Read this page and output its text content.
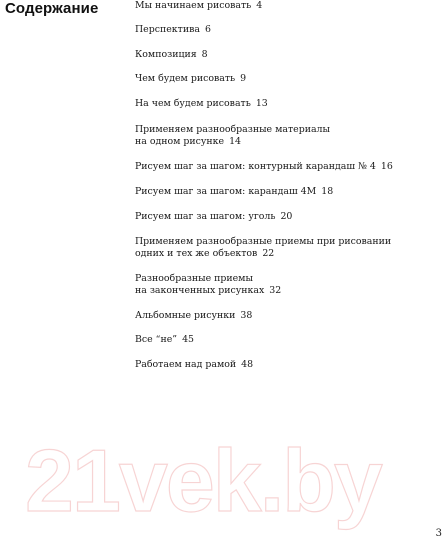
Содержание	Мы начинаем рисовать 4
Перспектива 6
Композиция 8
Чем будем рисовать 9
На чем будем рисовать 13
Применяем разнообразные материалы
на одном рисунке 14
Рисуем шаг за шагом: контурный карандаш № 4 16
Рисуем шаг за шагом: карандаш 4М 18
Рисуем шаг за шагом: уголь 20
Применяем разнообразные приемы при рисовании
одних и тех же объектов 22
Разнообразные приемы
на законченных рисунках 32
Альбомные рисунки 38
Все “не” 45
Работаем над рамой 48
21vek.by
3
